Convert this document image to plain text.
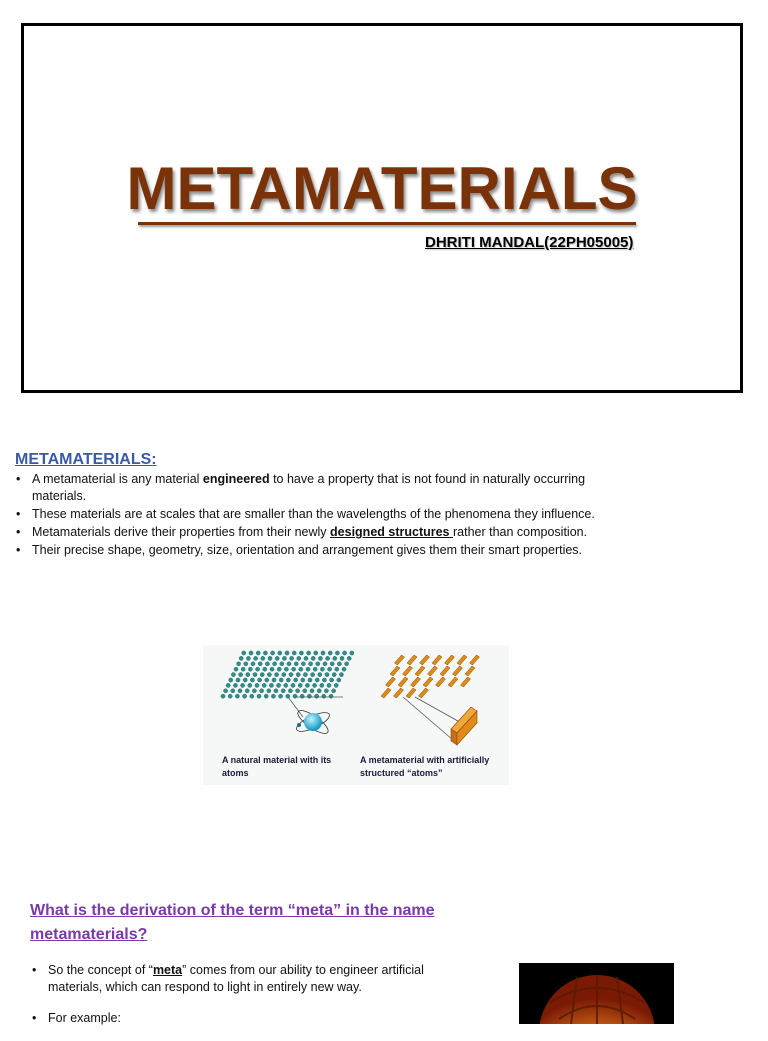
METAMATERIALS
DHRITI MANDAL(22PH05005)
METAMATERIALS:
• A metamaterial is any material engineered to have a property that is not found in naturally occurring materials.
• These materials are at scales that are smaller than the wavelengths of the phenomena they influence.
• Metamaterials derive their properties from their newly designed structures rather than composition.
• Their precise shape, geometry, size, orientation and arrangement gives them their smart properties.
A natural material with its atoms
A metamaterial with artificially structured “atoms”
What is the derivation of the term “meta” in the name metamaterials?
• So the concept of “meta” comes from our ability to engineer artificial materials, which can respond to light in entirely new way.
• For example:
